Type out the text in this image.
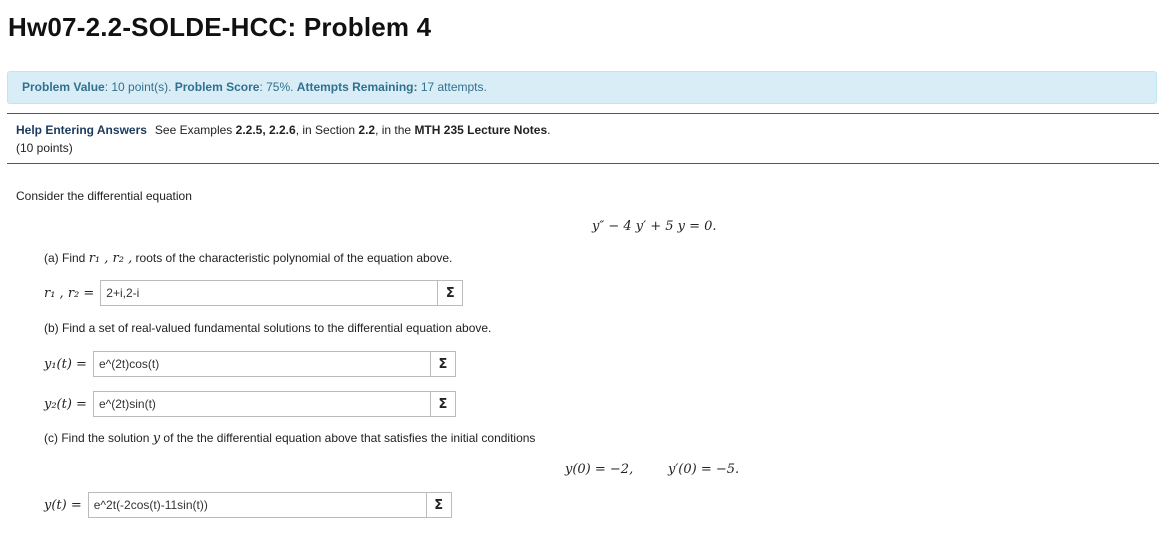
Hw07-2.2-SOLDE-HCC: Problem 4
Problem Value: 10 point(s). Problem Score: 75%. Attempts Remaining: 17 attempts.
Help Entering Answers See Examples 2.2.5, 2.2.6, in Section 2.2, in the MTH 235 Lecture Notes.
(10 points)
Consider the differential equation
y″ − 4 y′ + 5 y = 0.
(a) Find r₁ , r₂ , roots of the characteristic polynomial of the equation above.
r₁ , r₂ =
2+i,2-i	Σ
(b) Find a set of real-valued fundamental solutions to the differential equation above.
y₁(t) =
e^(2t)cos(t)	Σ
y₂(t) =
e^(2t)sin(t)	Σ
(c) Find the solution y of the the differential equation above that satisfies the initial conditions
y(0) = −2,	y′(0) = −5.
y(t) =
e^2t(-2cos(t)-11sin(t))	Σ
